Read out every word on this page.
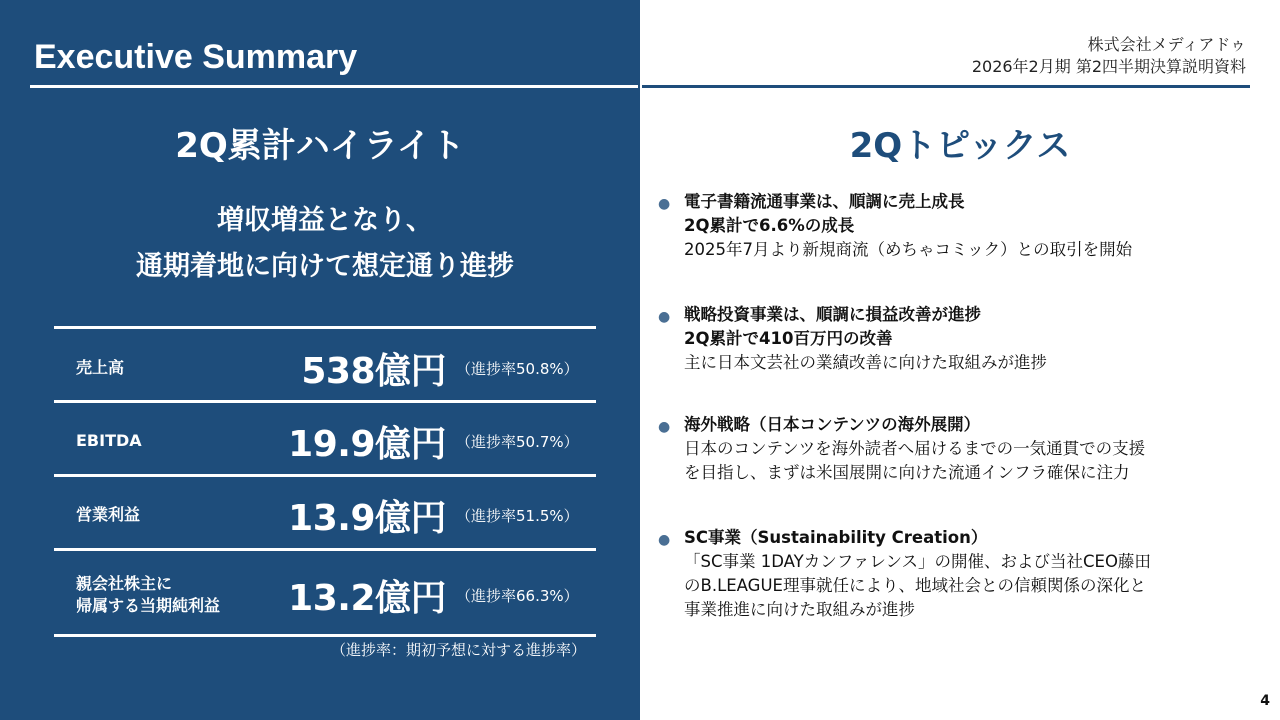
Executive Summary	株式会社メディアドゥ
2026年2月期 第2四半期決算説明資料
2Q累計ハイライト
増収増益となり、
通期着地に向けて想定通り進捗
売上高	538億円 （進捗率50.8%）
EBITDA	19.9億円 （進捗率50.7%）
営業利益	13.9億円 （進捗率51.5%）
親会社株主に
帰属する当期純利益 13.2億円 （進捗率66.3%）
（進捗率：期初予想に対する進捗率）
2Qトピックス
● 電子書籍流通事業は、順調に売上成長
2Q累計で6.6%の成長
2025年7月より新規商流（めちゃコミック）との取引を開始
● 戦略投資事業は、順調に損益改善が進捗
2Q累計で410百万円の改善
主に日本文芸社の業績改善に向けた取組みが進捗
● 海外戦略（日本コンテンツの海外展開）
日本のコンテンツを海外読者へ届けるまでの一気通貫での支援
を目指し、まずは米国展開に向けた流通インフラ確保に注力
● SC事業（Sustainability Creation）
「SC事業 1DAYカンファレンス」の開催、および当社CEO藤田
のB.LEAGUE理事就任により、地域社会との信頼関係の深化と
事業推進に向けた取組みが進捗
4
